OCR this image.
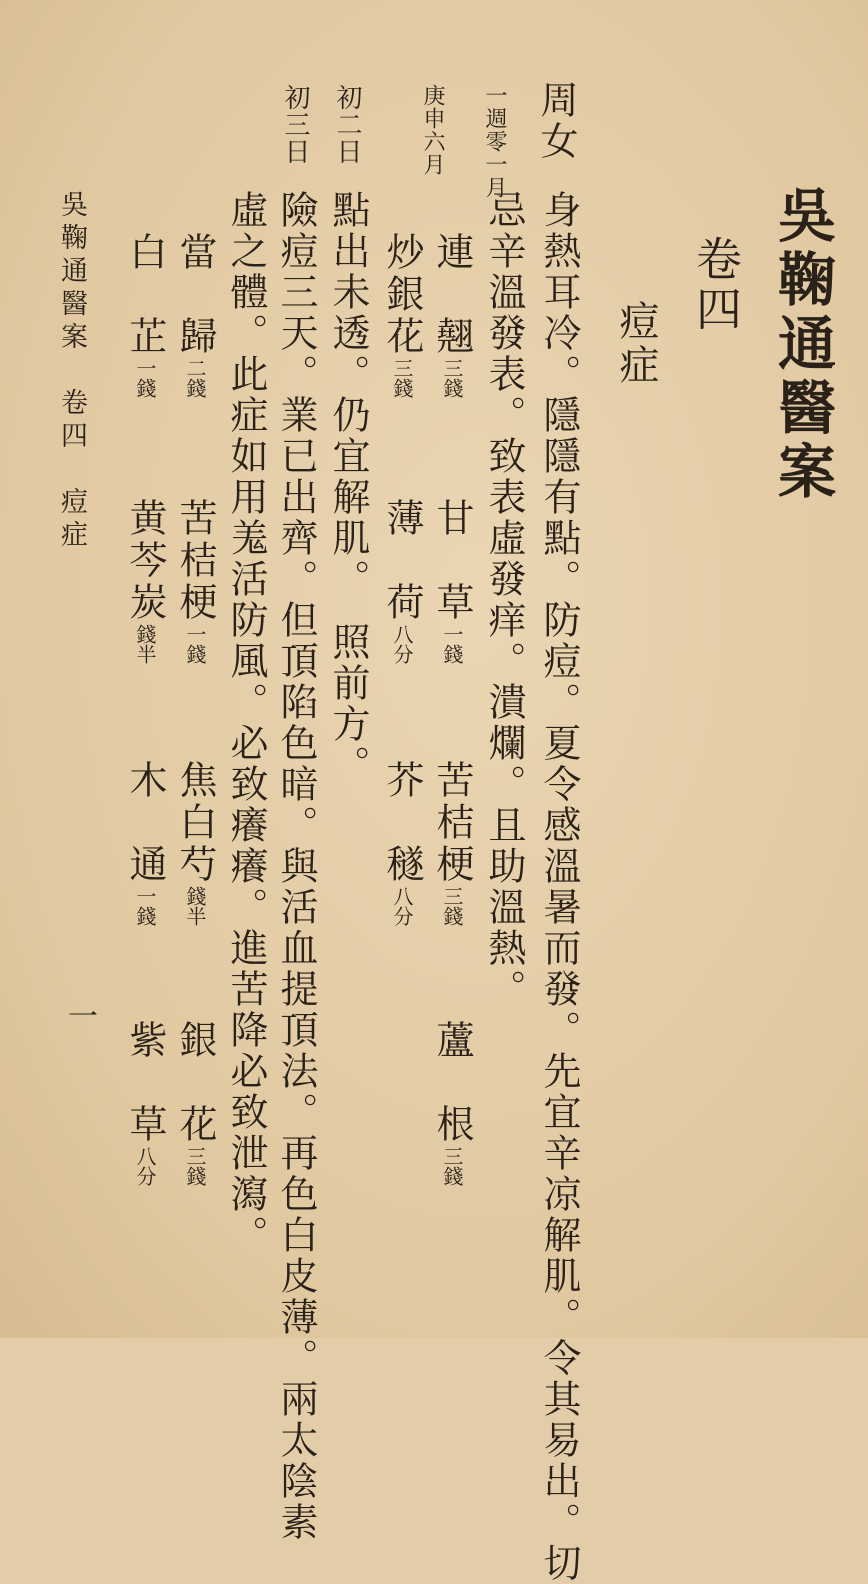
吳鞠通醫案
卷四
痘症
周女
一週零一月
庚申六月
身熱耳冷。隱隱有點。防痘。夏令感溫暑而發。先宜辛凉解肌。令其易出。切
忌辛溫發表。致表虛發痒。潰爛。且助溫熱。
連　翹三錢
甘　草一錢
苦桔梗三錢
蘆　根三錢
炒銀花三錢
薄　荷八分
芥　穟八分
初二日
點出未透。仍宜解肌。　照前方。
初三日
險痘三天。業已出齊。但頂陷色暗。與活血提頂法。再色白皮薄。兩太陰素
虛之體。此症如用羗活防風。必致癢癢。進苦降必致泄瀉。
當　歸二錢
苦桔梗一錢
焦白芍錢半
銀　花三錢
白　芷一錢
黄芩炭錢半
木　通一錢
紫　草八分
吳鞠通醫案　卷四　痘症
一
